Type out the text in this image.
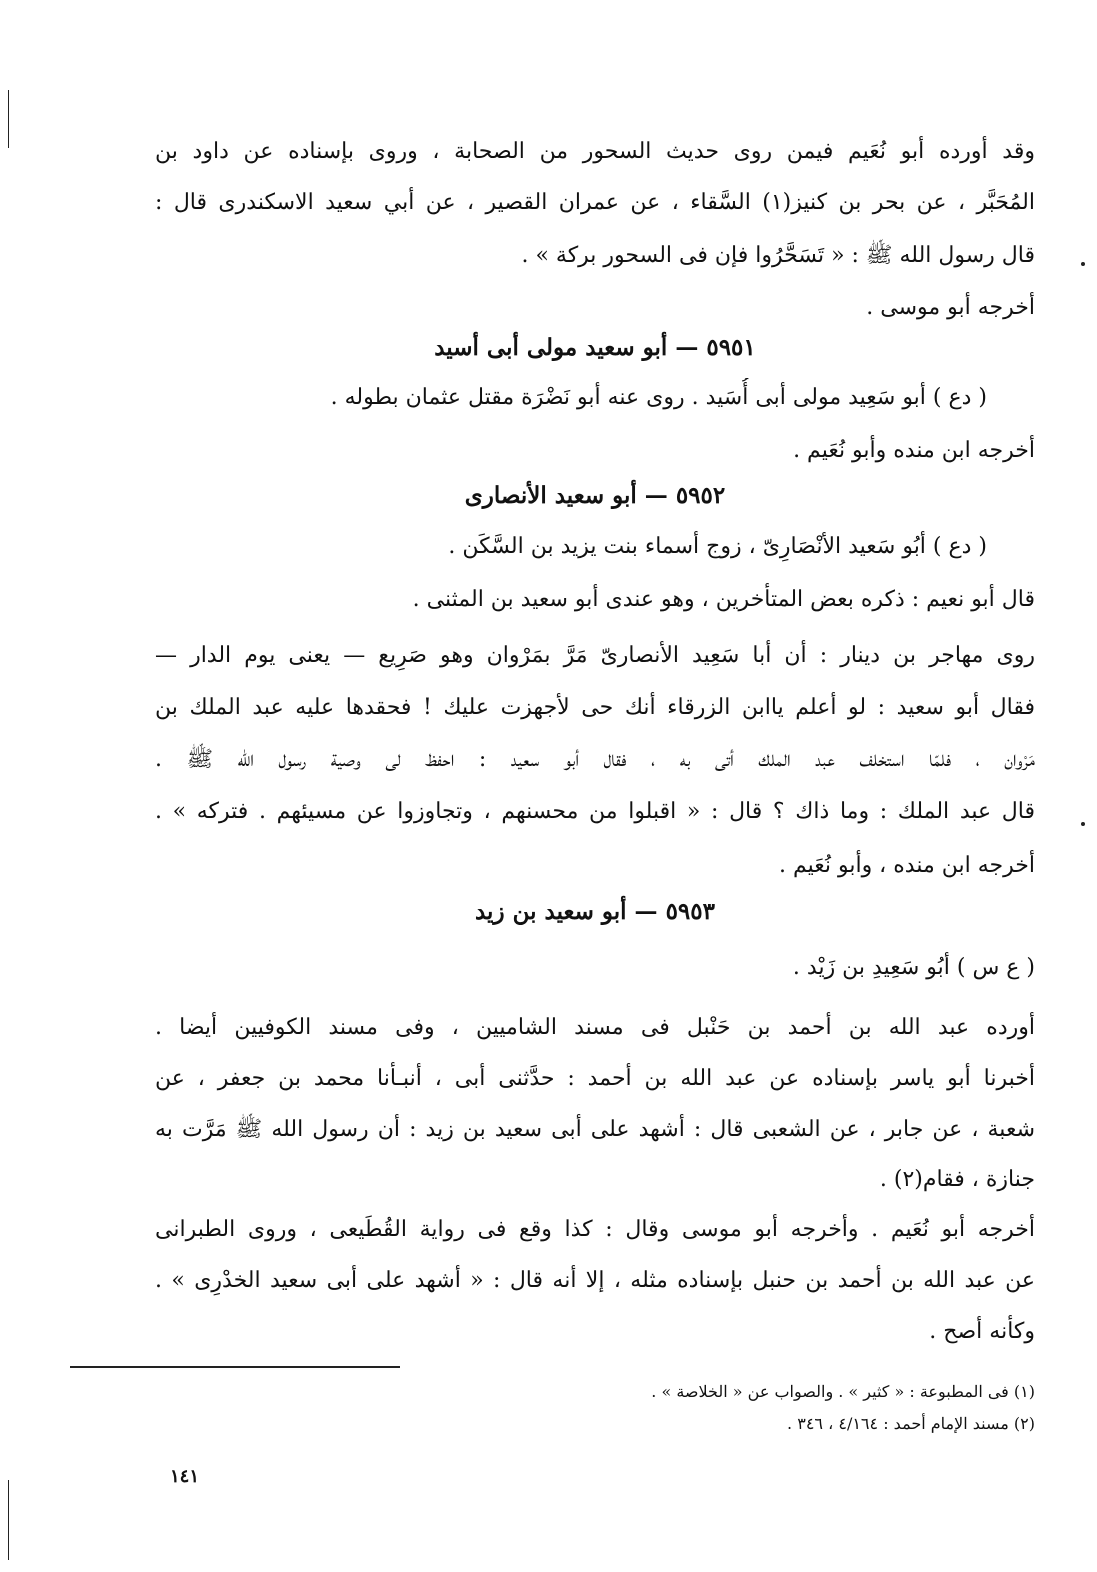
وقد أورده أبو نُعَيم فيمن روى حديث السحور من الصحابة ، وروى بإسناده عن داود بن
المُحَبَّر ، عن بحر بن كنيز(١) السَّقاء ، عن عمران القصير ، عن أبي سعيد الاسكندرى قال :
قال رسول الله ﷺ : « تَسَحَّرُوا فإن فى السحور بركة » .
أخرجه أبو موسى .
٥٩٥١ — أبو سعيد مولى أبى أسيد
( دع ) أبو سَعِيد مولى أبى أُسَيد . روى عنه أبو نَضْرَة مقتل عثمان بطوله .
أخرجه ابن منده وأبو نُعَيم .
٥٩٥٢ — أبو سعيد الأنصارى
( دع ) أبُو سَعيد الأنْصَارِىّ ، زوج أسماء بنت يزيد بن السَّكَن .
قال أبو نعيم : ذكره بعض المتأخرين ، وهو عندى أبو سعيد بن المثنى .
روى مهاجر بن دينار : أن أبا سَعِيد الأنصارىّ مَرَّ بمَرْوان وهو صَرِيع — يعنى يوم الدار —
فقال أبو سعيد : لو أعلم ياابن الزرقاء أنك حى لأجهزت عليك ! فحقدها عليه عبد الملك بن
مَرْوان ، فلمّا استخلف عبد الملك أتى به ، فقال أبو سعيد : احفظ لى وصية رسول الله ﷺ .
قال عبد الملك : وما ذاك ؟ قال : « اقبلوا من محسنهم ، وتجاوزوا عن مسيئهم . فتركه » .
أخرجه ابن منده ، وأبو نُعَيم .
٥٩٥٣ — أبو سعيد بن زيد
( ع س ) أبُو سَعِيدِ بن زَيْد .
أورده عبد الله بن أحمد بن حَنْبل فى مسند الشاميين ، وفى مسند الكوفيين أيضا .
أخبرنا أبو ياسر بإسناده عن عبد الله بن أحمد : حدَّثنى أبى ، أنبـأنا محمد بن جعفر ، عن
شعبة ، عن جابر ، عن الشعبى قال : أشهد على أبى سعيد بن زيد : أن رسول الله ﷺ مَرَّت به
جنازة ، فقام(٢) .
أخرجه أبو نُعَيم . وأخرجه أبو موسى وقال : كذا وقع فى رواية القُطَيعى ، وروى الطبرانى
عن عبد الله بن أحمد بن حنبل بإسناده مثله ، إلا أنه قال : « أشهد على أبى سعيد الخدْرِى » .
وكأنه أصح .
(١) فى المطبوعة : « كثير » . والصواب عن « الخلاصة » .
(٢) مسند الإمام أحمد : ٤/١٦٤ ، ٣٤٦ .
١٤١
